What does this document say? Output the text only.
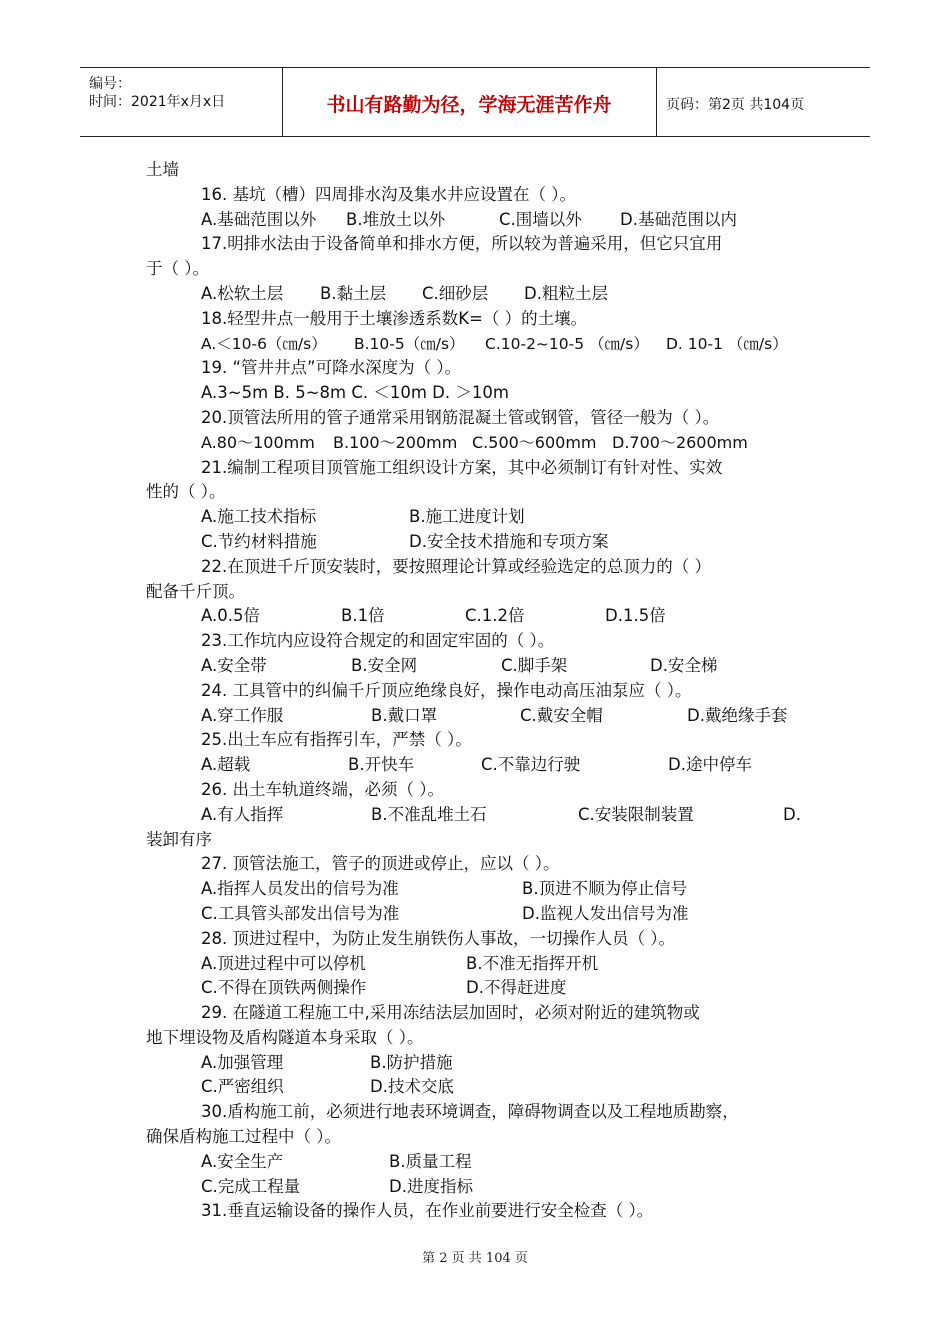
编号：
时间：2021年x月x日	书山有路勤为径，学海无涯苦作舟	页码：第2页 共104页
土墙
16. 基坑（槽）四周排水沟及集水井应设置在（ ）。
A.基础范围以外 B.堆放土以外	C.围墙以外 D.基础范围以内
17.明排水法由于设备简单和排水方便，所以较为普遍采用，但它只宜用
于（ ）。
A.松软土层 B.黏土层 C.细砂层 D.粗粒土层
18.轻型井点一般用于土壤渗透系数K=（ ）的土壤。
A.＜10-6（㎝/s） B.10-5（㎝/s） C.10-2~10-5 （㎝/s） D. 10-1 （㎝/s）
19. “管井井点”可降水深度为（ ）。
A.3~5m B. 5~8m C. ＜10m D. ＞10m
20.顶管法所用的管子通常采用钢筋混凝土管或钢管，管径一般为（ ）。
A.80～100mm B.100～200mm C.500～600mm D.700～2600mm
21.编制工程项目顶管施工组织设计方案，其中必须制订有针对性、实效
性的（ ）。
A.施工技术指标	B.施工进度计划
C.节约材料措施	D.安全技术措施和专项方案
22.在顶进千斤顶安装时，要按照理论计算或经验选定的总顶力的（ ）
配备千斤顶。
A.0.5倍	B.1倍	C.1.2倍	D.1.5倍
23.工作坑内应设符合规定的和固定牢固的（ ）。
A.安全带	B.安全网	C.脚手架	D.安全梯
24. 工具管中的纠偏千斤顶应绝缘良好，操作电动高压油泵应（ ）。
A.穿工作服	B.戴口罩	C.戴安全帽	D.戴绝缘手套
25.出土车应有指挥引车，严禁（ ）。
A.超载	B.开快车	C.不靠边行驶	D.途中停车
26. 出土车轨道终端，必须（ ）。
A.有人指挥	B.不准乱堆土石	C.安装限制装置	D.
装卸有序
27. 顶管法施工，管子的顶进或停止，应以（ ）。
A.指挥人员发出的信号为准	B.顶进不顺为停止信号
C.工具管头部发出信号为准	D.监视人发出信号为准
28. 顶进过程中，为防止发生崩铁伤人事故，一切操作人员（ ）。
A.顶进过程中可以停机	B.不准无指挥开机
C.不得在顶铁两侧操作	D.不得赶进度
29. 在隧道工程施工中,采用冻结法层加固时，必须对附近的建筑物或
地下埋设物及盾构隧道本身采取（ ）。
A.加强管理	B.防护措施
C.严密组织	D.技术交底
30.盾构施工前，必须进行地表环境调查，障碍物调查以及工程地质勘察，
确保盾构施工过程中（ ）。
A.安全生产	B.质量工程
C.完成工程量	D.进度指标
31.垂直运输设备的操作人员，在作业前要进行安全检查（ ）。
第 2 页 共 104 页
